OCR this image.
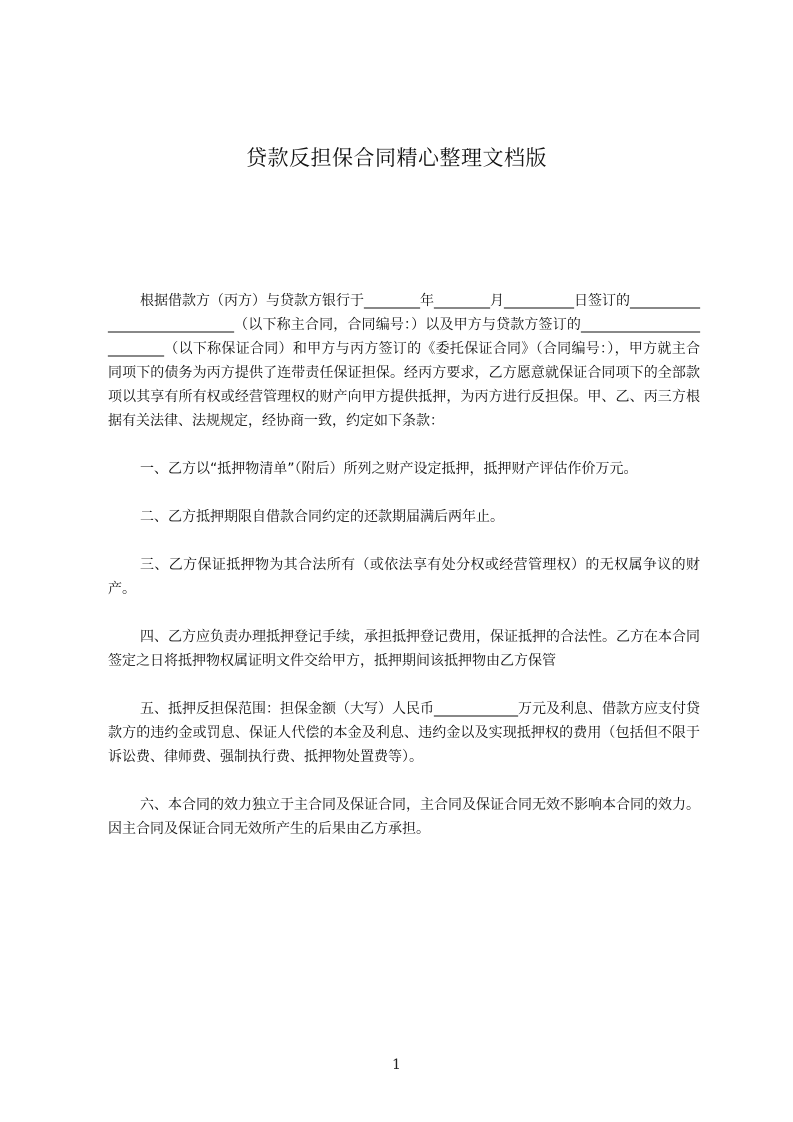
贷款反担保合同精心整理文档版

根据借款方（丙方）与贷款方银行于________年________月__________日签订的____________________________（以下称主合同，合同编号：）以及甲方与贷款方签订的_________________________（以下称保证合同）和甲方与丙方签订的《委托保证合同》（合同编号：），甲方就主合同项下的债务为丙方提供了连带责任保证担保。经丙方要求，乙方愿意就保证合同项下的全部款项以其享有所有权或经营管理权的财产向甲方提供抵押，为丙方进行反担保。甲、乙、丙三方根据有关法律、法规规定，经协商一致，约定如下条款：

一、乙方以“抵押物清单”（附后）所列之财产设定抵押，抵押财产评估作价万元。

二、乙方抵押期限自借款合同约定的还款期届满后两年止。

三、乙方保证抵押物为其合法所有（或依法享有处分权或经营管理权）的无权属争议的财产。

四、乙方应负责办理抵押登记手续，承担抵押登记费用，保证抵押的合法性。乙方在本合同签定之日将抵押物权属证明文件交给甲方，抵押期间该抵押物由乙方保管

五、抵押反担保范围：担保金额（大写）人民币____________万元及利息、借款方应支付贷款方的违约金或罚息、保证人代偿的本金及利息、违约金以及实现抵押权的费用（包括但不限于诉讼费、律师费、强制执行费、抵押物处置费等）。

六、本合同的效力独立于主合同及保证合同，主合同及保证合同无效不影响本合同的效力。因主合同及保证合同无效所产生的后果由乙方承担。

1
